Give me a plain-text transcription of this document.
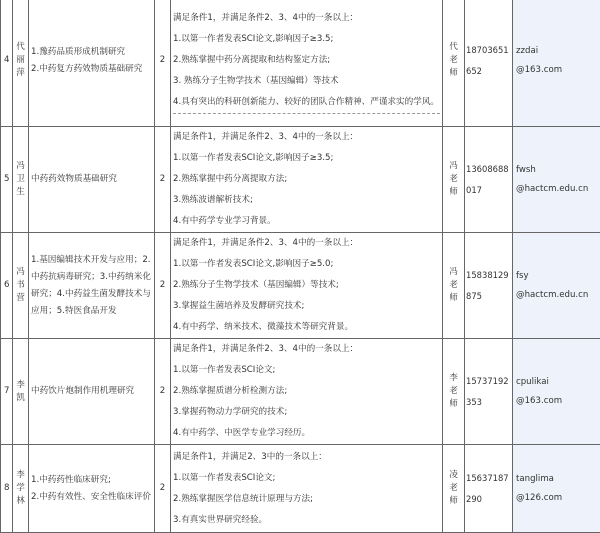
4	代
丽
萍	1.豫药品质形成机制研究
2.中药复方药效物质基础研究	2	满足条件1，并满足条件2、3、4中的一条以上：
1.以第一作者发表SCI论文,影响因子≥3.5;
2.熟练掌握中药分离提取和结构鉴定方法;
3. 熟练分子生物学技术（基因编辑）等技术
4.具有突出的科研创新能力、较好的团队合作精神、严谨求实的学风。	代
老
师	18703651652	zzdai
@163.com

5	冯
卫
生	中药药效物质基础研究	2	满足条件1，并满足条件2、3、4中的一条以上：
1.以第一作者发表SCI论文,影响因子≥3.5;
2.熟练掌握中药分离提取方法;
3.熟练波谱解析技术;
4.有中药学专业学习背景。	冯
老
师	13608688017	fwsh
@hactcm.edu.cn

6	冯
书
营	1.基因编辑技术开发与应用；2.中药抗病毒研究；3.中药纳米化研究；4.中药益生菌发酵技术与应用；5.特医食品开发	2	满足条件1，并满足条件2、3、4中的一条以上：
1.以第一作者发表SCI论文,影响因子≥5.0;
2.熟练分子生物学技术（基因编辑）等技术;
3.掌握益生菌培养及发酵研究技术;
4.有中药学、纳米技术、微藻技术等研究背景。	冯
老
师	15838129875	fsy
@hactcm.edu.cn

7	李
凯	中药饮片炮制作用机理研究	2	满足条件1，并满足条件2、3、4中的一条以上：
1.以第一作者发表SCI论文;
2.熟练掌握质谱分析检测方法;
3.掌握药物动力学研究的技术;
4.有中药学、中医学专业学习经历。	李
老
师	15737192353	cpulikai
@163.com

8	李
学
林	1.中药药性临床研究;
2.中药有效性、安全性临床评价	2	满足条件1，并满足2、3中的一条以上：
1.以第一作者发表SCI论文;
2.熟练掌握医学信息统计原理与方法;
3.有真实世界研究经验。	凌
老
师	15637187290	tanglima
@126.com
